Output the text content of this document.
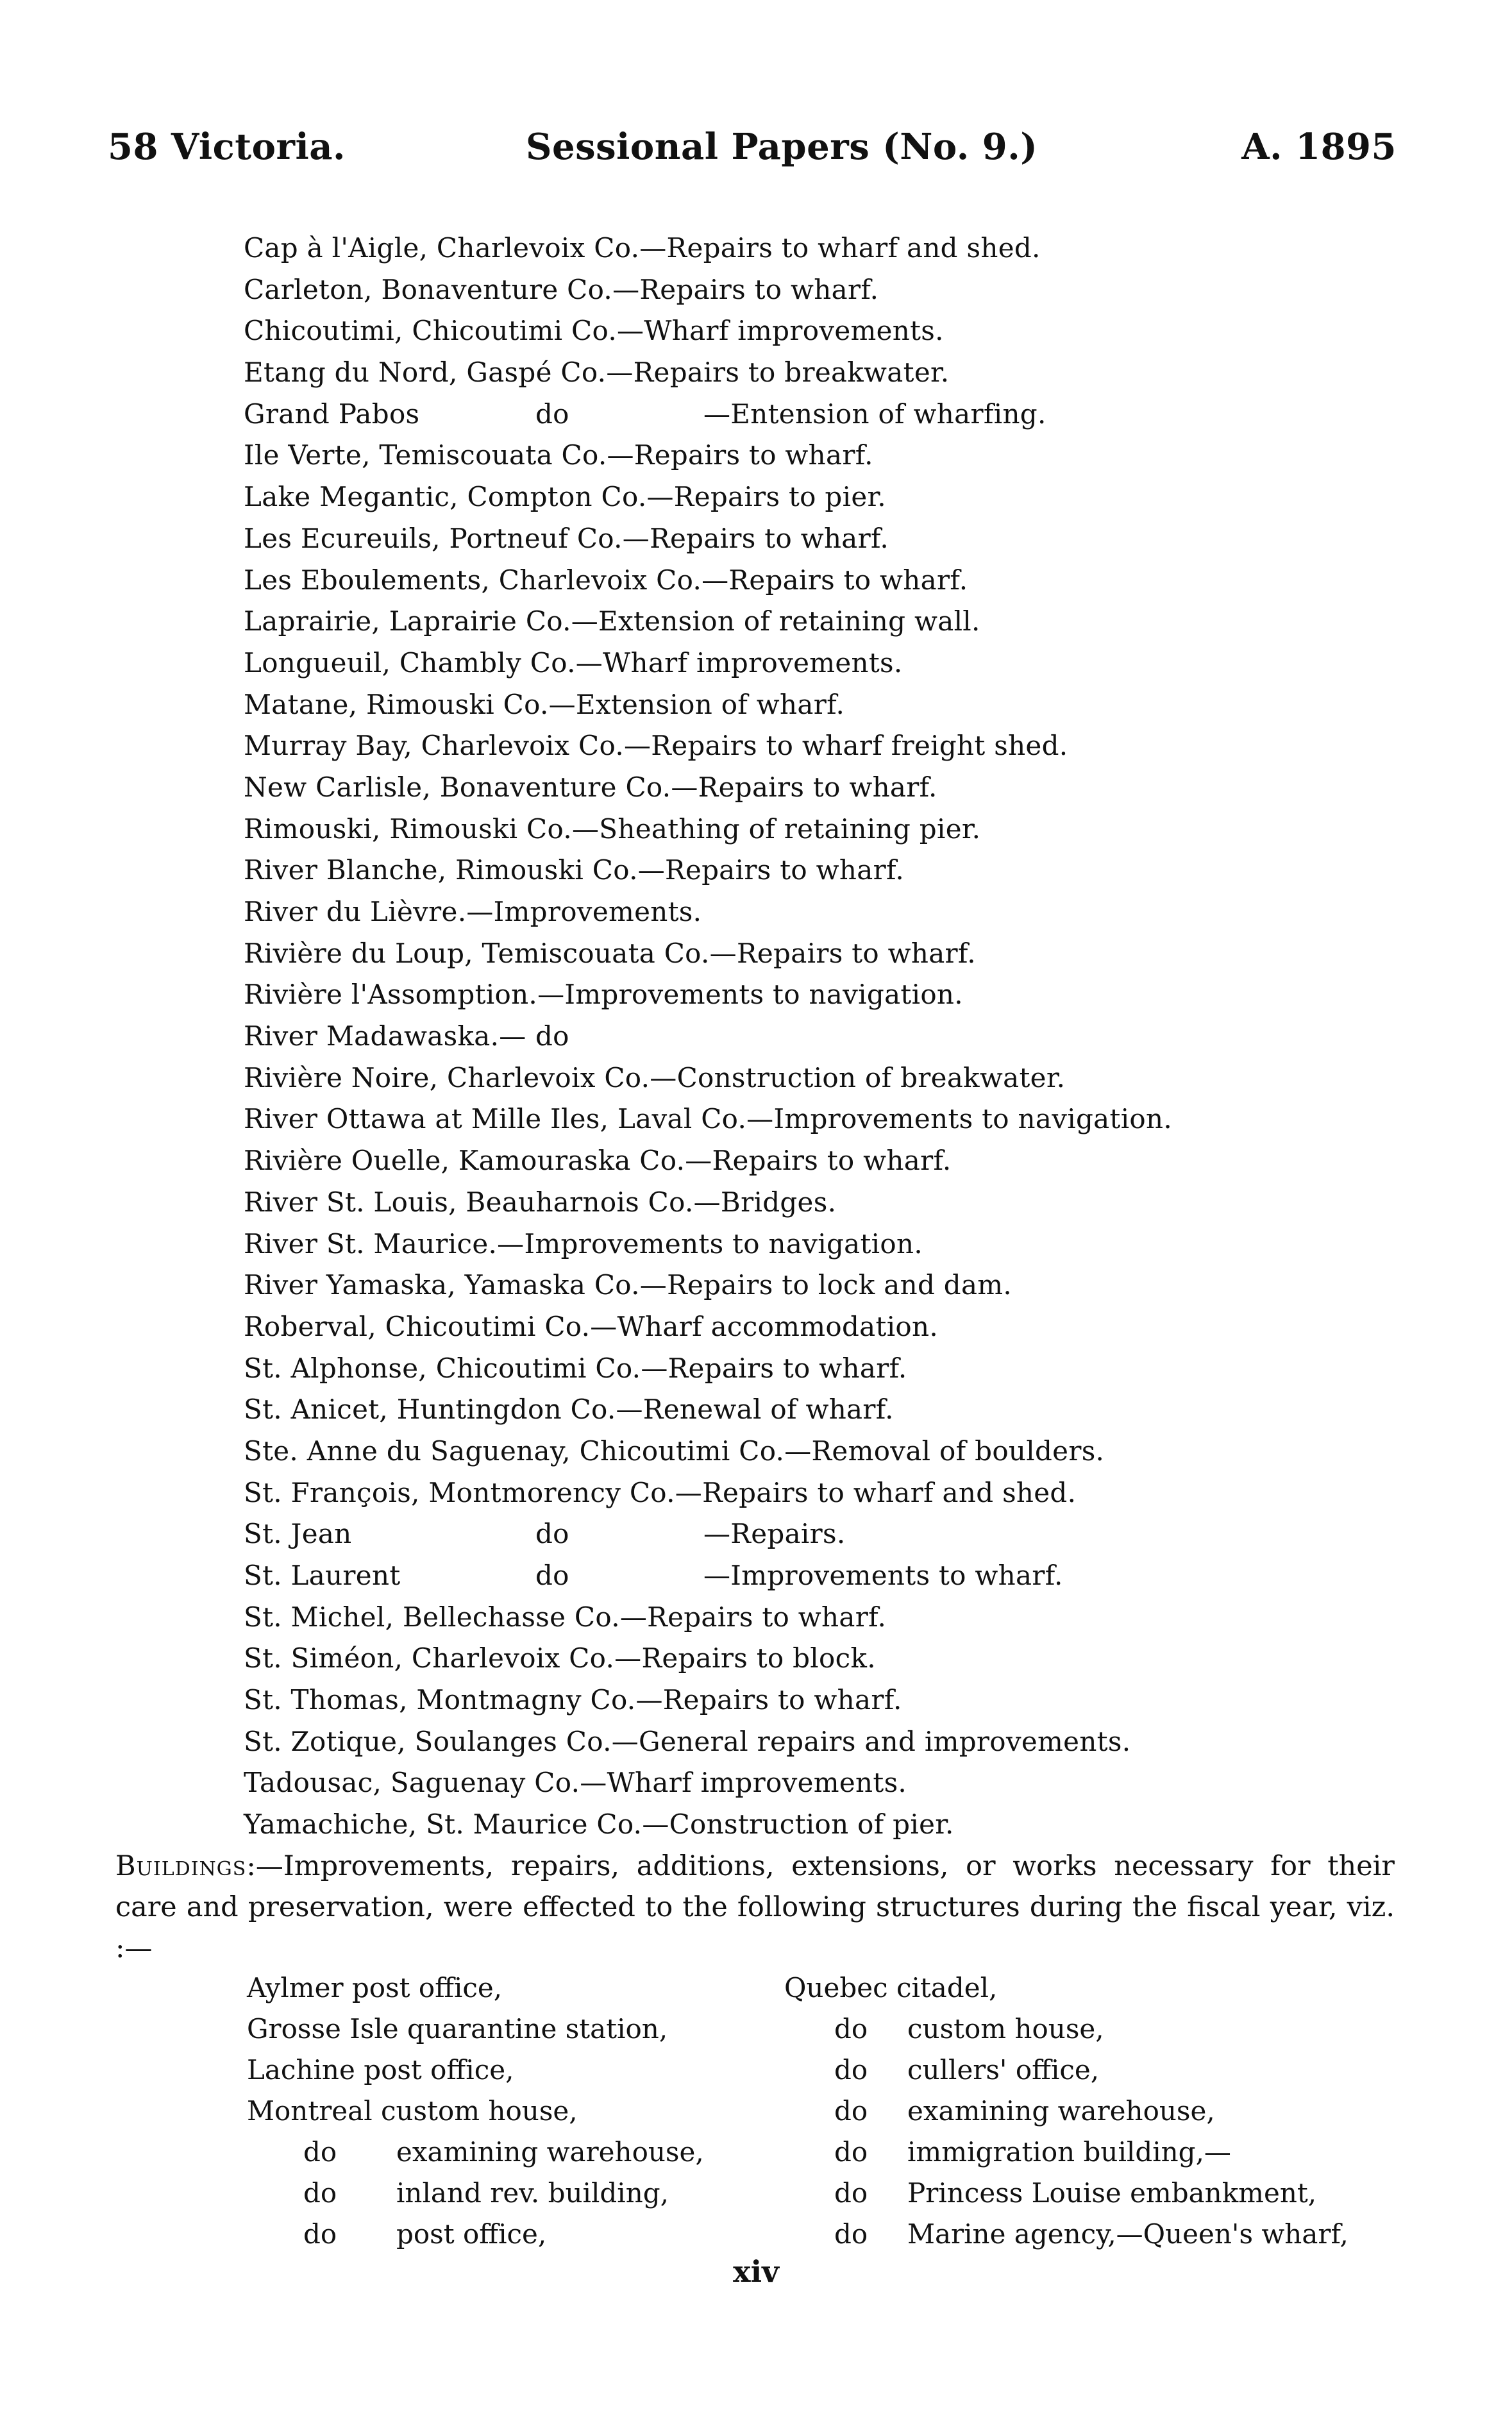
58 Victoria.	Sessional Papers (No. 9.)	A. 1895
Cap à l'Aigle, Charlevoix Co.—Repairs to wharf and shed.
Carleton, Bonaventure Co.—Repairs to wharf.
Chicoutimi, Chicoutimi Co.—Wharf improvements.
Etang du Nord, Gaspé Co.—Repairs to breakwater.
Grand Pabos	do	—Entension of wharfing.
Ile Verte, Temiscouata Co.—Repairs to wharf.
Lake Megantic, Compton Co.—Repairs to pier.
Les Ecureuils, Portneuf Co.—Repairs to wharf.
Les Eboulements, Charlevoix Co.—Repairs to wharf.
Laprairie, Laprairie Co.—Extension of retaining wall.
Longueuil, Chambly Co.—Wharf improvements.
Matane, Rimouski Co.—Extension of wharf.
Murray Bay, Charlevoix Co.—Repairs to wharf freight shed.
New Carlisle, Bonaventure Co.—Repairs to wharf.
Rimouski, Rimouski Co.—Sheathing of retaining pier.
River Blanche, Rimouski Co.—Repairs to wharf.
River du Lièvre.—Improvements.
Rivière du Loup, Temiscouata Co.—Repairs to wharf.
Rivière l'Assomption.—Improvements to navigation.
River Madawaska.— do
Rivière Noire, Charlevoix Co.—Construction of breakwater.
River Ottawa at Mille Iles, Laval Co.—Improvements to navigation.
Rivière Ouelle, Kamouraska Co.—Repairs to wharf.
River St. Louis, Beauharnois Co.—Bridges.
River St. Maurice.—Improvements to navigation.
River Yamaska, Yamaska Co.—Repairs to lock and dam.
Roberval, Chicoutimi Co.—Wharf accommodation.
St. Alphonse, Chicoutimi Co.—Repairs to wharf.
St. Anicet, Huntingdon Co.—Renewal of wharf.
Ste. Anne du Saguenay, Chicoutimi Co.—Removal of boulders.
St. François, Montmorency Co.—Repairs to wharf and shed.
St. Jean	do	—Repairs.
St. Laurent	do	—Improvements to wharf.
St. Michel, Bellechasse Co.—Repairs to wharf.
St. Siméon, Charlevoix Co.—Repairs to block.
St. Thomas, Montmagny Co.—Repairs to wharf.
St. Zotique, Soulanges Co.—General repairs and improvements.
Tadousac, Saguenay Co.—Wharf improvements.
Yamachiche, St. Maurice Co.—Construction of pier.
Buildings:—Improvements, repairs, additions, extensions, or works necessary for their care and preservation, were effected to the following structures during the fiscal year, viz. :—
Aylmer post office,	Quebec citadel,
Grosse Isle quarantine station,	do custom house,
Lachine post office,	do cullers' office,
Montreal custom house,	do examining warehouse,
do examining warehouse,	do immigration building,—
do inland rev. building,	do Princess Louise embankment,
do post office,	do Marine agency,—Queen's wharf,
xiv
